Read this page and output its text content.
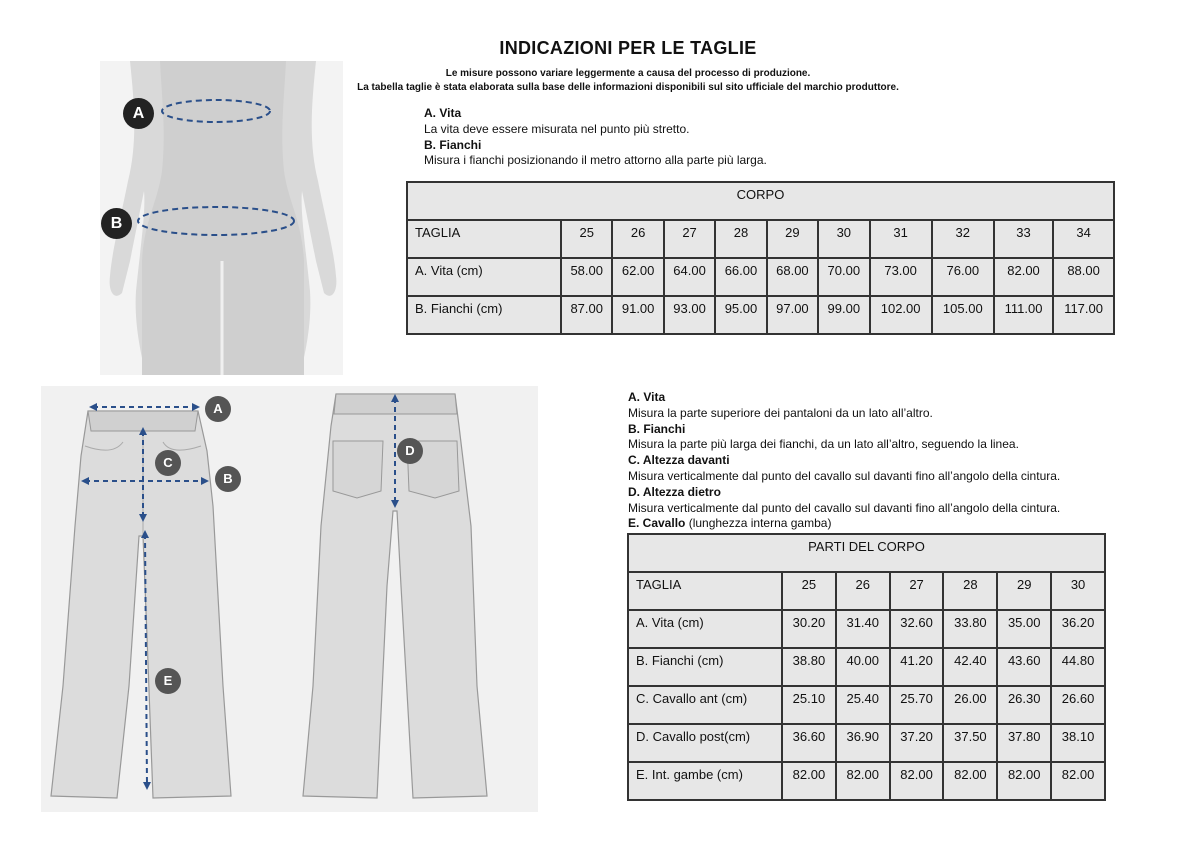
INDICAZIONI PER LE TAGLIE
Le misure possono variare leggermente a causa del processo di produzione.
La tabella taglie è stata elaborata sulla base delle informazioni disponibili sul sito ufficiale del marchio produttore.
A
B
A. Vita
La vita deve essere misurata nel punto più stretto.
B. Fianchi
Misura i fianchi posizionando il metro attorno alla parte più larga.
CORPO										

TAGLIA	25	26	27	28	29	30	31	32	33	34

A. Vita (cm)	58.00	62.00	64.00	66.00	68.00	70.00	73.00	76.00	82.00	88.00

B. Fianchi (cm)	87.00	91.00	93.00	95.00	97.00	99.00	102.00	105.00	111.00	117.00
A
B
C
D
E
A. Vita
Misura la parte superiore dei pantaloni da un lato all’altro.
B. Fianchi
Misura la parte più larga dei fianchi, da un lato all’altro, seguendo la linea.
C. Altezza davanti
Misura verticalmente dal punto del cavallo sul davanti fino all’angolo della cintura.
D. Altezza dietro
Misura verticalmente dal punto del cavallo sul davanti fino all’angolo della cintura.
E. Cavallo (lunghezza interna gamba)
PARTI DEL CORPO						

TAGLIA	25	26	27	28	29	30

A. Vita (cm)	30.20	31.40	32.60	33.80	35.00	36.20

B. Fianchi (cm)	38.80	40.00	41.20	42.40	43.60	44.80

C. Cavallo ant (cm)	25.10	25.40	25.70	26.00	26.30	26.60

D. Cavallo post(cm)	36.60	36.90	37.20	37.50	37.80	38.10

E. Int. gambe (cm)	82.00	82.00	82.00	82.00	82.00	82.00
